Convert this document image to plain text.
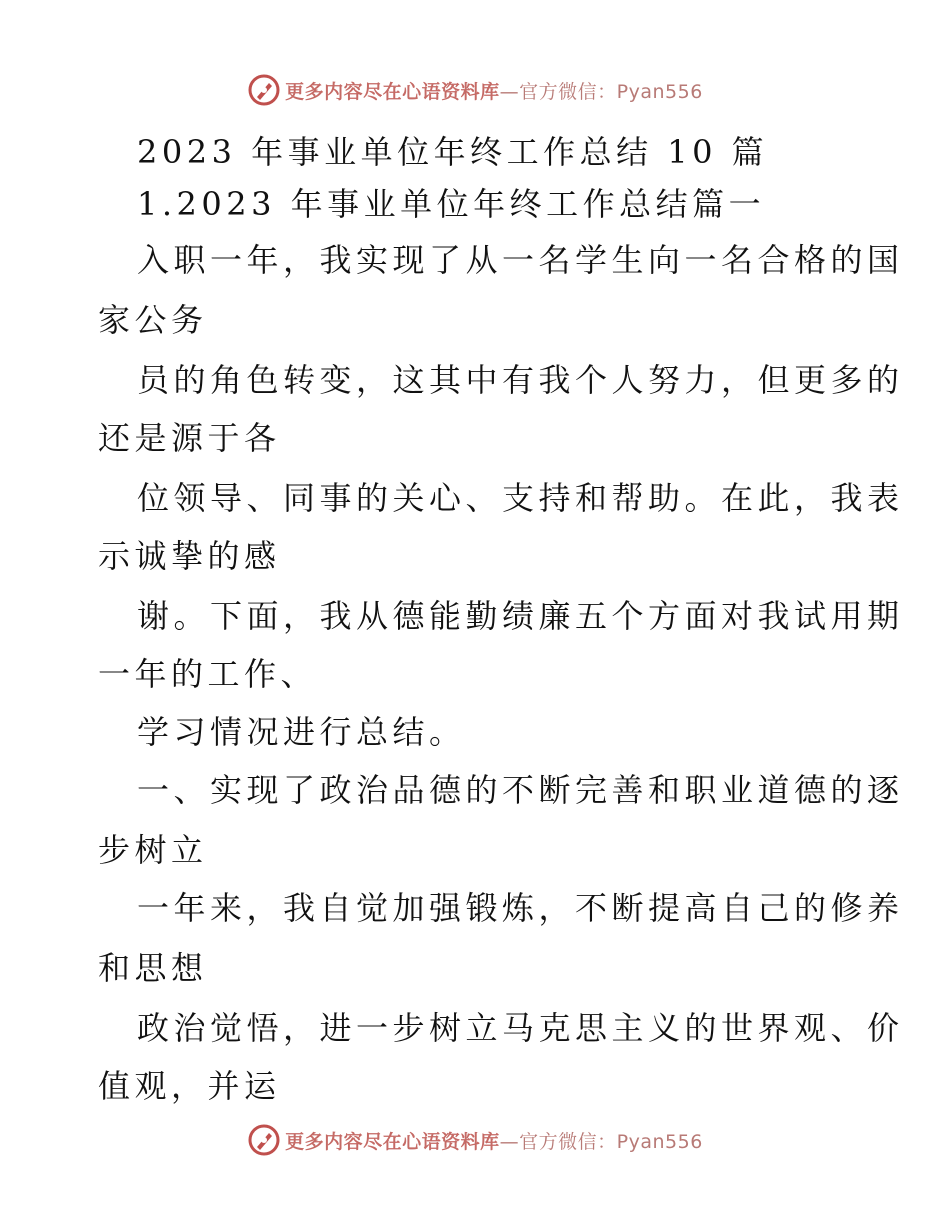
更多内容尽在心语资料库—官方微信：Pyan556
2023 年事业单位年终工作总结 10 篇
1.2023 年事业单位年终工作总结篇一
入职一年，我实现了从一名学生向一名合格的国
家公务
员的角色转变，这其中有我个人努力，但更多的
还是源于各
位领导、同事的关心、支持和帮助。在此，我表
示诚挚的感
谢。下面，我从德能勤绩廉五个方面对我试用期
一年的工作、
学习情况进行总结。
一、实现了政治品德的不断完善和职业道德的逐
步树立
一年来，我自觉加强锻炼，不断提高自己的修养
和思想
政治觉悟，进一步树立马克思主义的世界观、价
值观，并运
更多内容尽在心语资料库—官方微信：Pyan556
